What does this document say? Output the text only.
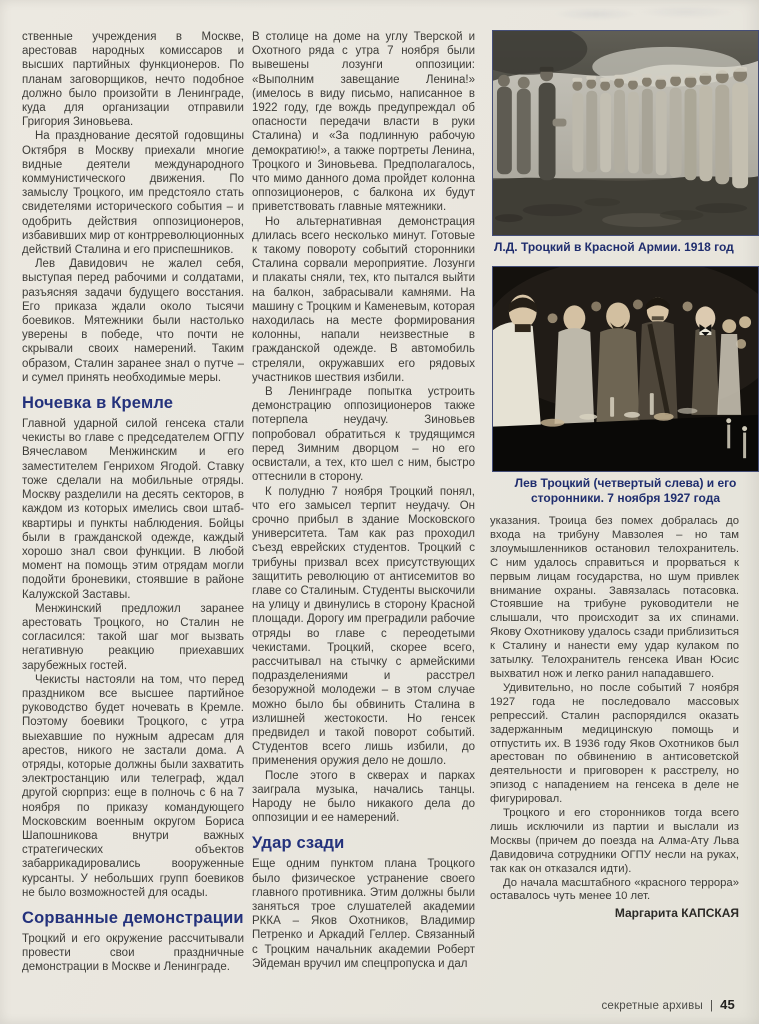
ственные учреждения в Москве, арестовав народных комиссаров и высших партийных функционеров. По планам заговорщиков, нечто подобное должно было произойти в Ленинграде, куда для организации отправили Григория Зиновьева.

На празднование десятой годовщины Октября в Москву приехали многие видные деятели международного коммунистического движения. По замыслу Троцкого, им предстояло стать свидетелями исторического события – и одобрить действия оппозиционеров, избавивших мир от контрреволюционных действий Сталина и его приспешников.

Лев Давидович не жалел себя, выступая перед рабочими и солдатами, разъясняя задачи будущего восстания. Его приказа ждали около тысячи боевиков. Мятежники были настолько уверены в победе, что почти не скрывали своих намерений. Таким образом, Сталин заранее знал о путче – и сумел принять необходимые меры.

Ночевка в Кремле

Главной ударной силой генсека стали чекисты во главе с председателем ОГПУ Вячеславом Менжинским и его заместителем Генрихом Ягодой. Ставку тоже сделали на мобильные отряды. Москву разделили на десять секторов, в каждом из которых имелись свои штаб-квартиры и пункты наблюдения. Бойцы были в гражданской одежде, каждый хорошо знал свои функции. В любой момент на помощь этим отрядам могли подойти броневики, стоявшие в районе Калужской Заставы.

Менжинский предложил заранее арестовать Троцкого, но Сталин не согласился: такой шаг мог вызвать негативную реакцию приехавших зарубежных гостей.

Чекисты настояли на том, что перед праздником все высшее партийное руководство будет ночевать в Кремле. Поэтому боевики Троцкого, с утра выехавшие по нужным адресам для арестов, никого не застали дома. А отряды, которые должны были захватить электростанцию или телеграф, ждал другой сюрприз: еще в полночь с 6 на 7 ноября по приказу командующего Московским военным округом Бориса Шапошникова внутри важных стратегических объектов забаррикадировались вооруженные курсанты. У небольших групп боевиков не было возможностей для осады.

Сорванные демонстрации

Троцкий и его окружение рассчитывали провести свои праздничные демонстрации в Москве и Ленинграде.

В столице на доме на углу Тверской и Охотного ряда с утра 7 ноября были вывешены лозунги оппозиции: «Выполним завещание Ленина!» (имелось в виду письмо, написанное в 1922 году, где вождь предупреждал об опасности передачи власти в руки Сталина) и «За подлинную рабочую демократию!», а также портреты Ленина, Троцкого и Зиновьева. Предполагалось, что мимо данного дома пройдет колонна оппозиционеров, с балкона их будут приветствовать главные мятежники.

Но альтернативная демонстрация длилась всего несколько минут. Готовые к такому повороту событий сторонники Сталина сорвали мероприятие. Лозунги и плакаты сняли, тех, кто пытался выйти на балкон, забрасывали камнями. На машину с Троцким и Каменевым, которая находилась на месте формирования колонны, напали неизвестные в гражданской одежде. В автомобиль стреляли, окружавших его рядовых участников шествия избили.

В Ленинграде попытка устроить демонстрацию оппозиционеров также потерпела неудачу. Зиновьев попробовал обратиться к трудящимся перед Зимним дворцом – но его освистали, а тех, кто шел с ним, быстро оттеснили в сторону.

К полудню 7 ноября Троцкий понял, что его замысел терпит неудачу. Он срочно прибыл в здание Московского университета. Там как раз проходил съезд еврейских студентов. Троцкий с трибуны призвал всех присутствующих защитить революцию от антисемитов во главе со Сталиным. Студенты выскочили на улицу и двинулись в сторону Красной площади. Дорогу им преградили рабочие отряды во главе с переодетыми чекистами. Троцкий, скорее всего, рассчитывал на стычку с армейскими подразделениями и расстрел безоружной молодежи – в этом случае можно было бы обвинить Сталина в излишней жестокости. Но генсек предвидел и такой поворот событий. Студентов всего лишь избили, до применения оружия дело не дошло.

После этого в скверах и парках заиграла музыка, начались танцы. Народу не было никакого дела до оппозиции и ее намерений.

Удар сзади

Еще одним пунктом плана Троцкого было физическое устранение своего главного противника. Этим должны были заняться трое слушателей академии РККА – Яков Охотников, Владимир Петренко и Аркадий Геллер. Связанный с Троцким начальник академии Роберт Эйдеман вручил им спецпропуска и дал

Л.Д. Троцкий в Красной Армии. 1918 год
Лев Троцкий (четвертый слева) и его сторонники. 7 ноября 1927 года

указания. Троица без помех добралась до входа на трибуну Мавзолея – но там злоумышленников остановил телохранитель. С ним удалось справиться и прорваться к первым лицам государства, но шум привлек внимание охраны. Завязалась потасовка. Стоявшие на трибуне руководители не слышали, что происходит за их спинами. Якову Охотникову удалось сзади приблизиться к Сталину и нанести ему удар кулаком по затылку. Телохранитель генсека Иван Юсис выхватил нож и легко ранил нападавшего.

Удивительно, но после событий 7 ноября 1927 года не последовало массовых репрессий. Сталин распорядился оказать задержанным медицинскую помощь и отпустить их. В 1936 году Яков Охотников был арестован по обвинению в антисоветской деятельности и приговорен к расстрелу, но эпизод с нападением на генсека в деле не фигурировал.

Троцкого и его сторонников тогда всего лишь исключили из партии и выслали из Москвы (причем до поезда на Алма-Ату Льва Давидовича сотрудники ОГПУ несли на руках, так как он отказался идти).

До начала масштабного «красного террора» оставалось чуть менее 10 лет.

Маргарита КАПСКАЯ

секретные архивы | 45
